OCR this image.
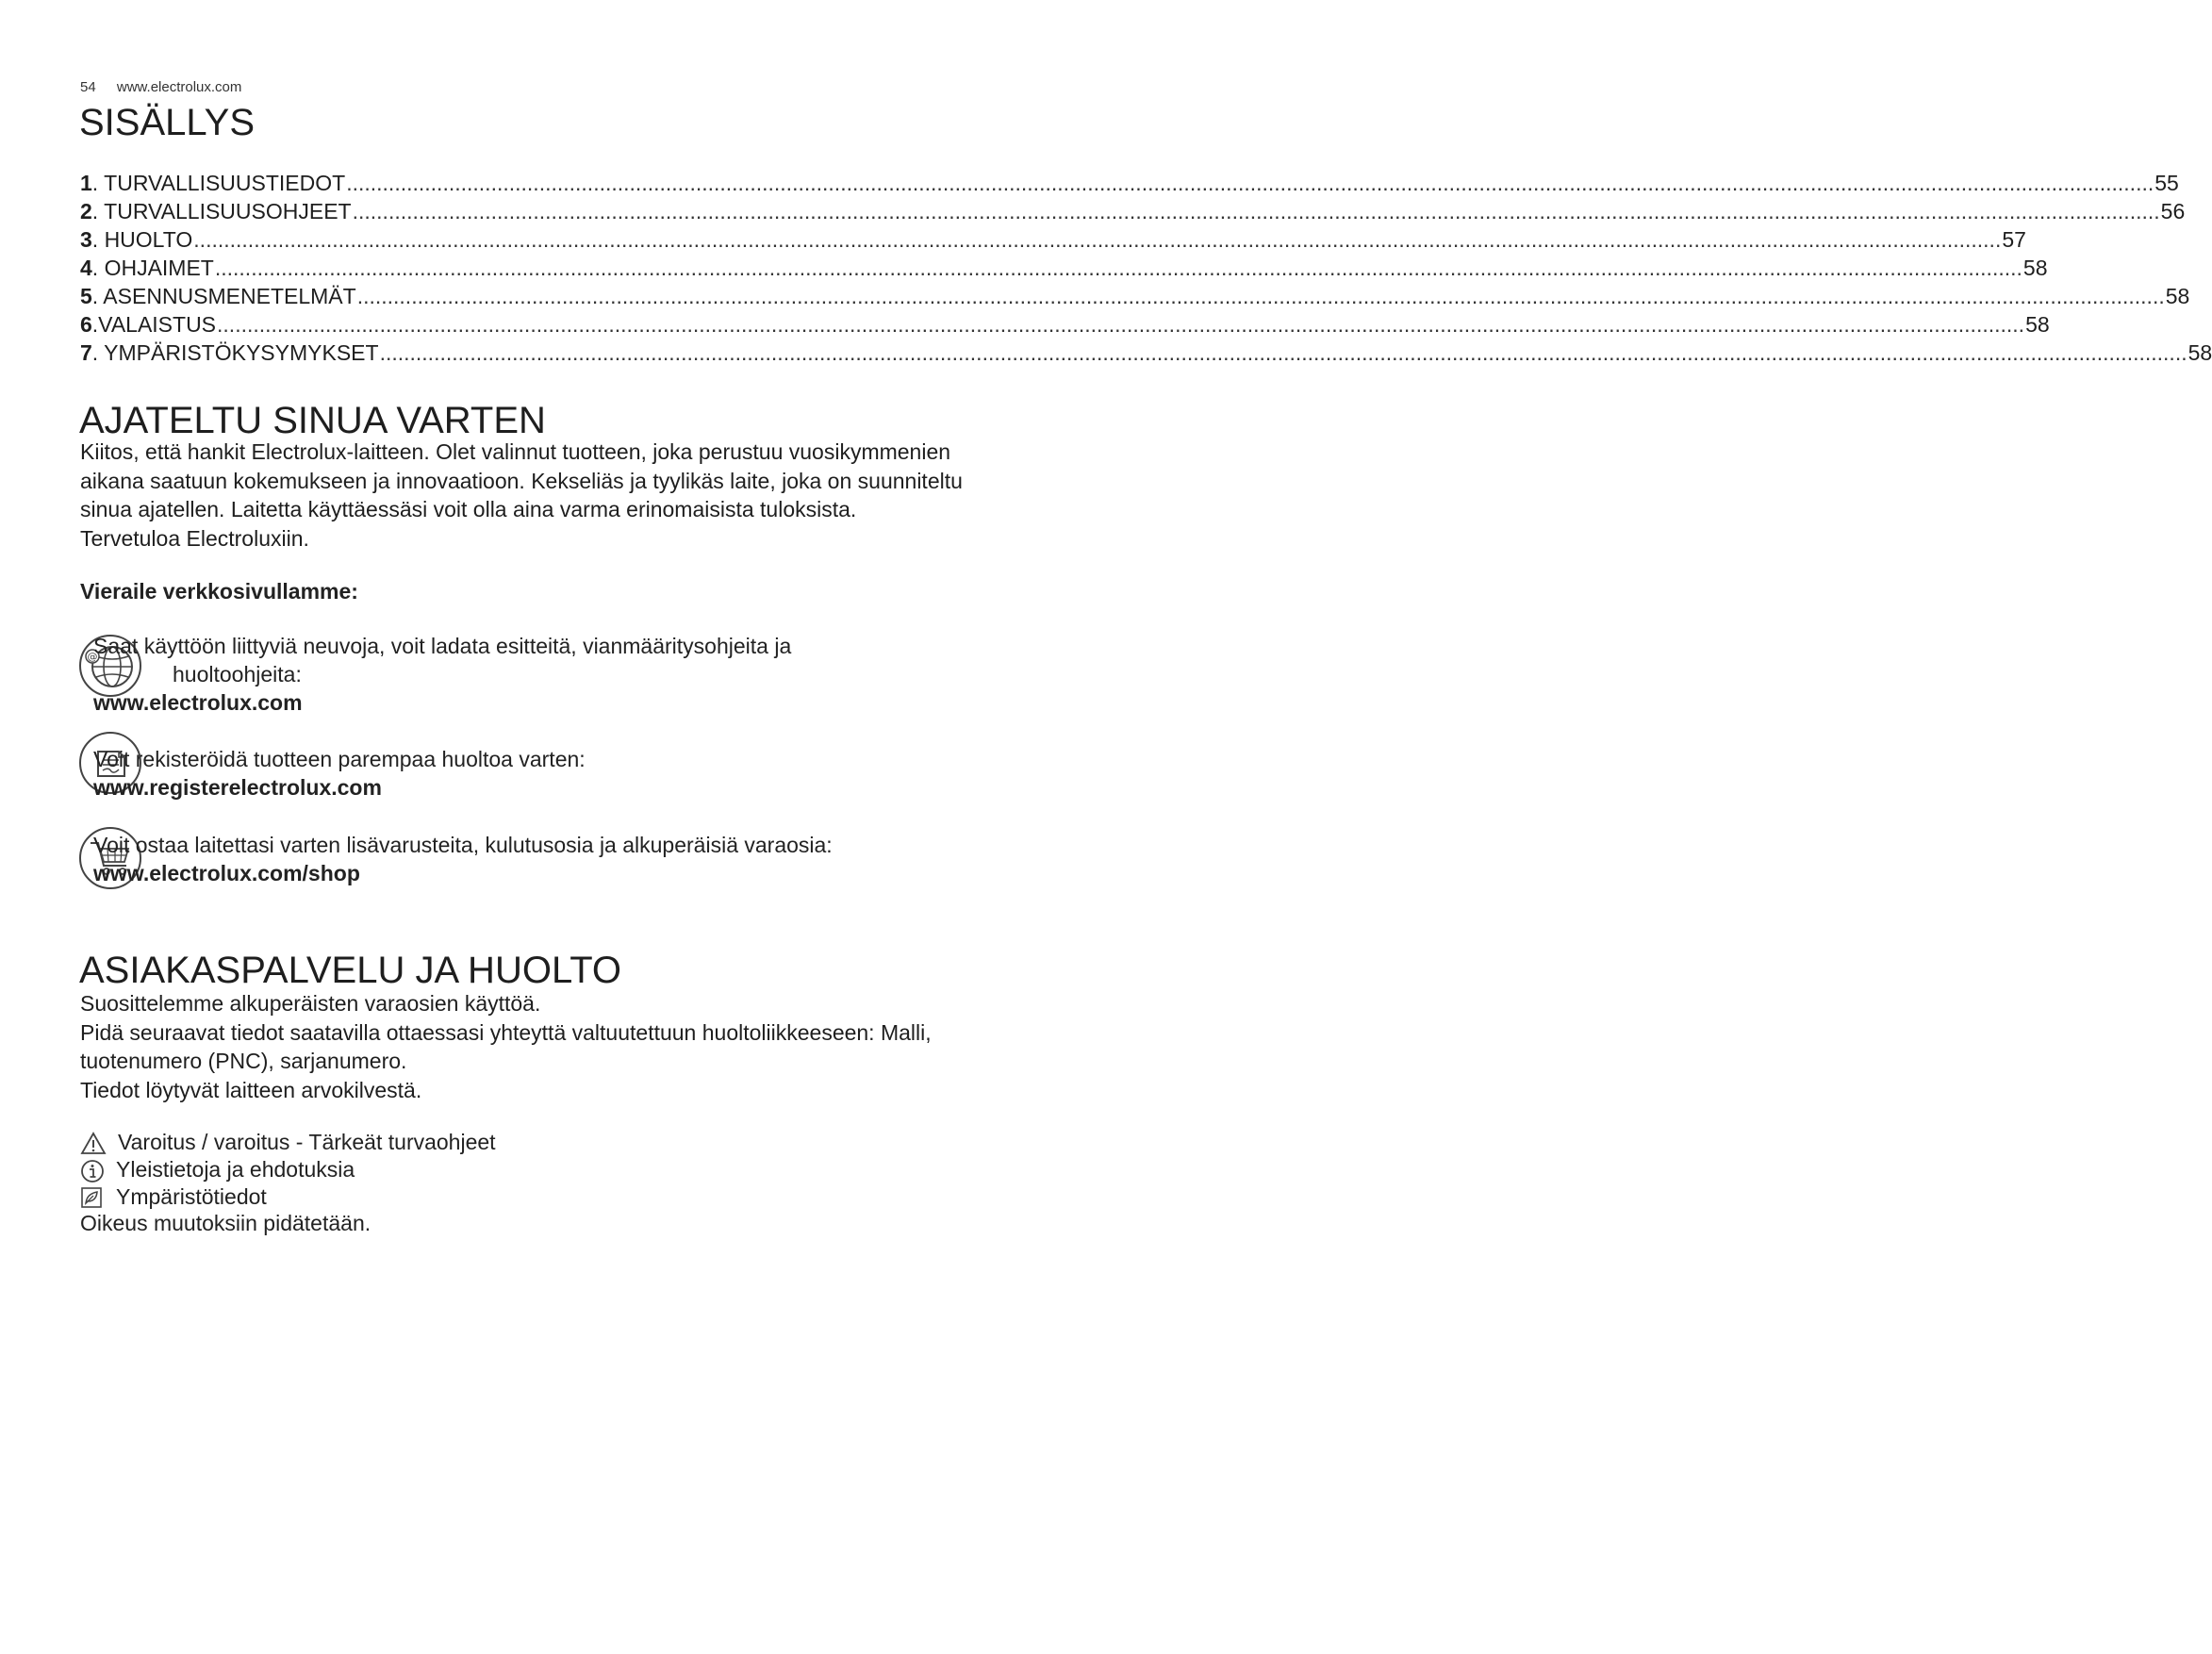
54 www.electrolux.com
SISÄLLYS
1 . TURVALLISUUSTIEDOT ............................................................................................................................................................................................................................................................................................................ 55
2 . TURVALLISUUSOHJEET ............................................................................................................................................................................................................................................................................................................ 56
3 . HUOLTO ............................................................................................................................................................................................................................................................................................................ 57
4 . OHJAIMET ............................................................................................................................................................................................................................................................................................................ 58
5 . ASENNUSMENETELMÄT ............................................................................................................................................................................................................................................................................................................ 58
6 .VALAISTUS ............................................................................................................................................................................................................................................................................................................ 58
7 . YMPÄRISTÖKYSYMYKSET ............................................................................................................................................................................................................................................................................................................ 58
AJATELTU SINUA VARTEN

Kiitos, että hankit Electrolux-laitteen. Olet valinnut tuotteen, joka perustuu vuosikymmenien

aikana saatuun kokemukseen ja innovaatioon. Kekseliäs ja tyylikäs laite, joka on suunniteltu

sinua ajatellen. Laitetta käyttäessäsi voit olla aina varma erinomaisista tuloksista.

Tervetuloa Electroluxiin.

Vieraile verkkosivullamme:
@
Saat käyttöön liittyviä neuvoja, voit ladata esitteitä, vianmääritysohjeita ja
huoltoohjeita:
www.electrolux.com
Voit rekisteröidä tuotteen parempaa huoltoa varten:
www.registerelectrolux.com
Voit ostaa laitettasi varten lisävarusteita, kulutusosia ja alkuperäisiä varaosia:
www.electrolux.com/shop
ASIAKASPALVELU JA HUOLTO

Suosittelemme alkuperäisten varaosien käyttöä.

Pidä seuraavat tiedot saatavilla ottaessasi yhteyttä valtuutettuun huoltoliikkeeseen: Malli,

tuotenumero (PNC), sarjanumero.

Tiedot löytyvät laitteen arvokilvestä.

Varoitus / varoitus - Tärkeät turvaohjeet
Yleistietoja ja ehdotuksia
Ympäristötiedot
Oikeus muutoksiin pidätetään.
